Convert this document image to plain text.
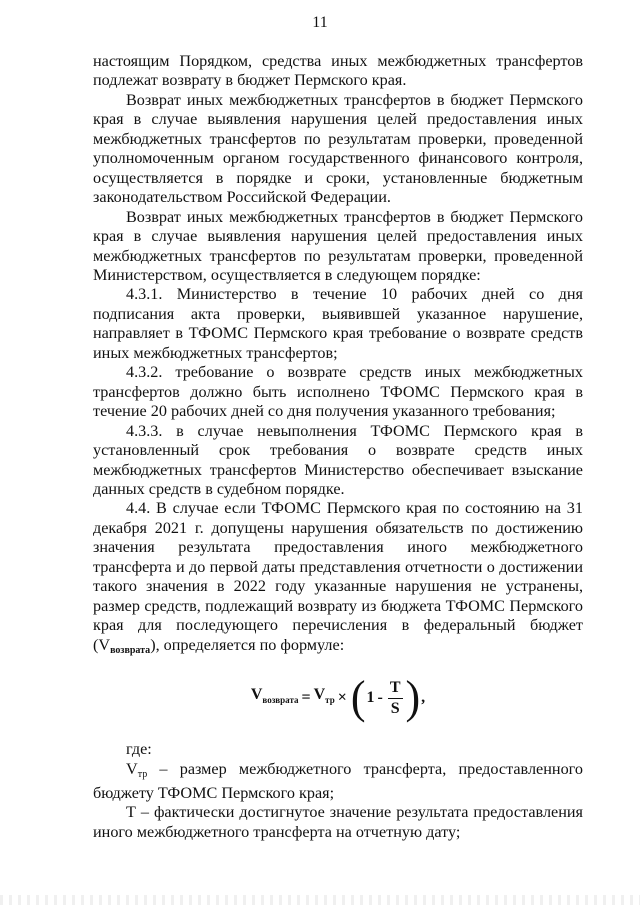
11

настоящим Порядком, средства иных межбюджетных трансфертов подлежат возврату в бюджет Пермского края.

Возврат иных межбюджетных трансфертов в бюджет Пермского края в случае выявления нарушения целей предоставления иных межбюджетных трансфертов по результатам проверки, проведенной уполномоченным органом государственного финансового контроля, осуществляется в порядке и сроки, установленные бюджетным законодательством Российской Федерации.

Возврат иных межбюджетных трансфертов в бюджет Пермского края в случае выявления нарушения целей предоставления иных межбюджетных трансфертов по результатам проверки, проведенной Министерством, осуществляется в следующем порядке:

4.3.1. Министерство в течение 10 рабочих дней со дня подписания акта проверки, выявившей указанное нарушение, направляет в ТФОМС Пермского края требование о возврате средств иных межбюджетных трансфертов;

4.3.2. требование о возврате средств иных межбюджетных трансфертов должно быть исполнено ТФОМС Пермского края в течение 20 рабочих дней со дня получения указанного требования;

4.3.3. в случае невыполнения ТФОМС Пермского края в установленный срок требования о возврате средств иных межбюджетных трансфертов Министерство обеспечивает взыскание данных средств в судебном порядке.

4.4. В случае если ТФОМС Пермского края по состоянию на 31 декабря 2021 г. допущены нарушения обязательств по достижению значения результата предоставления иного межбюджетного трансферта и до первой даты представления отчетности о достижении такого значения в 2022 году указанные нарушения не устранены, размер средств, подлежащий возврату из бюджета ТФОМС Пермского края для последующего перечисления в федеральный бюджет $(V_{возврата})$, определяется по формуле:

$V_{возврата} = V_{тр}$ × ( $1 - \frac{T}{S}$ ) ,

где:

$V_{тр}$ – размер межбюджетного трансферта, предоставленного бюджету ТФОМС Пермского края;

Т – фактически достигнутое значение результата предоставления иного межбюджетного трансферта на отчетную дату;
